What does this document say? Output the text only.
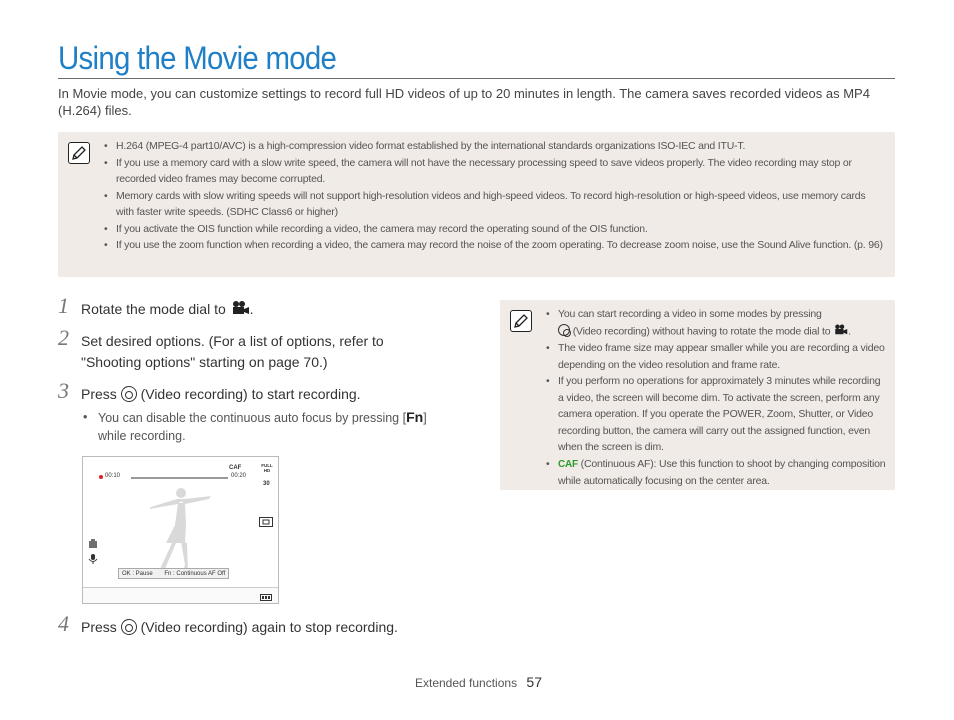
Using the Movie mode

In Movie mode, you can customize settings to record full HD videos of up to 20 minutes in length. The camera saves recorded videos as MP4 (H.264) files.

• H.264 (MPEG-4 part10/AVC) is a high-compression video format established by the international standards organizations ISO-IEC and ITU-T.
• If you use a memory card with a slow write speed, the camera will not have the necessary processing speed to save videos properly. The video recording may stop or recorded video frames may become corrupted.
• Memory cards with slow writing speeds will not support high-resolution videos and high-speed videos. To record high-resolution or high-speed videos, use memory cards with faster write speeds. (SDHC Class6 or higher)
• If you activate the OIS function while recording a video, the camera may record the operating sound of the OIS function.
• If you use the zoom function when recording a video, the camera may record the noise of the zoom operating. To decrease zoom noise, use the Sound Alive function. (p. 96)
1 Rotate the mode dial to .
2 Set desired options. (For a list of options, refer to "Shooting options" starting on page 70.)
3 Press (Video recording) to start recording.
• You can disable the continuous auto focus by pressing [Fn] while recording.
CAF	FULL HD
00:10	00:20
30
OK : Pause Fn : Continuous AF Off
4 Press (Video recording) again to stop recording.
• You can start recording a video in some modes by pressing
(Video recording) without having to rotate the mode dial to .
• The video frame size may appear smaller while you are recording a video depending on the video resolution and frame rate.
• If you perform no operations for approximately 3 minutes while recording a video, the screen will become dim. To activate the screen, perform any camera operation. If you operate the POWER, Zoom, Shutter, or Video recording button, the camera will carry out the assigned function, even when the screen is dim.
• CAF (Continuous AF): Use this function to shoot by changing composition while automatically focusing on the center area.
Extended functions 57
